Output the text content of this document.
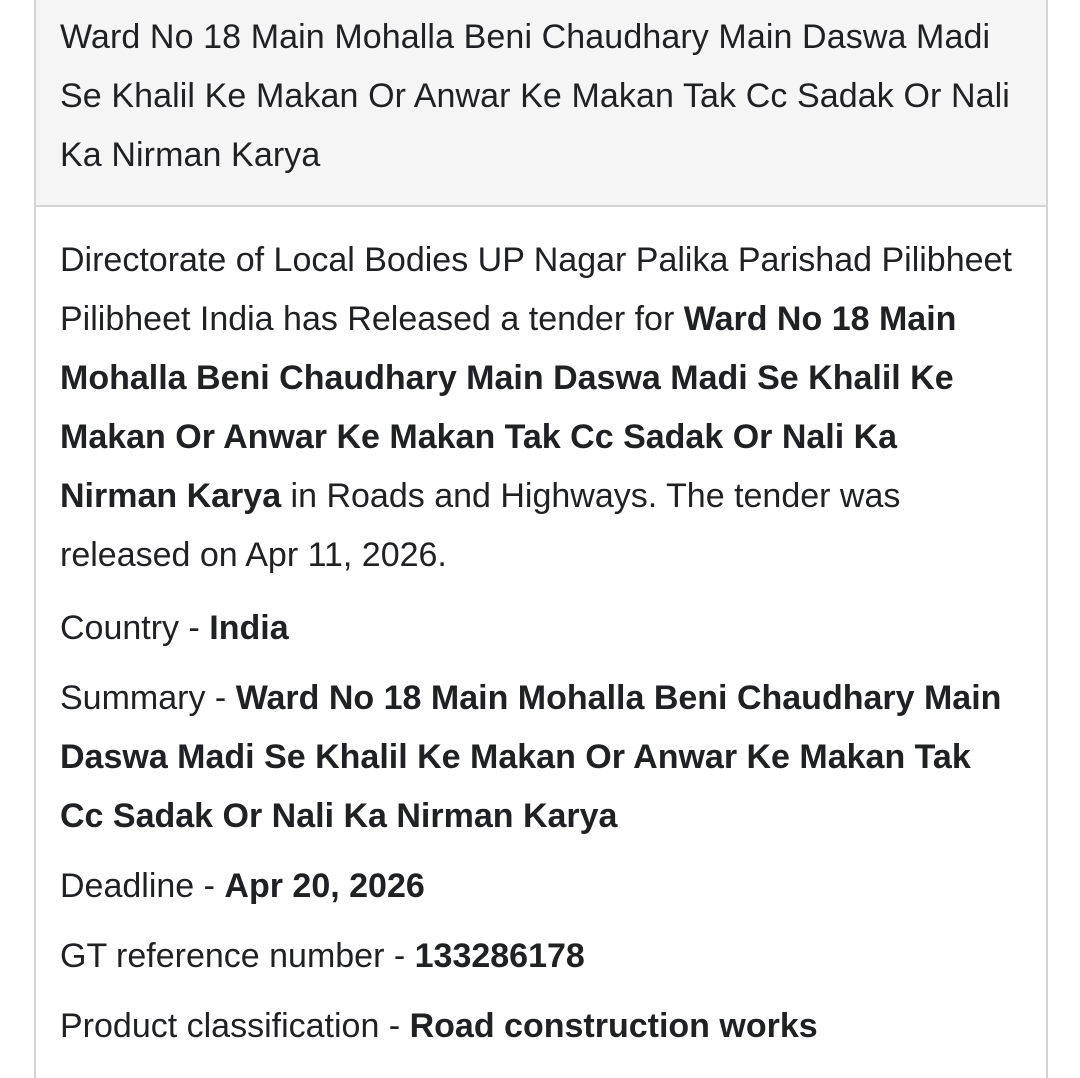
Ward No 18 Main Mohalla Beni Chaudhary Main Daswa Madi Se Khalil Ke Makan Or Anwar Ke Makan Tak Cc Sadak Or Nali Ka Nirman Karya

Directorate of Local Bodies UP Nagar Palika Parishad Pilibheet Pilibheet India has Released a tender for Ward No 18 Main Mohalla Beni Chaudhary Main Daswa Madi Se Khalil Ke Makan Or Anwar Ke Makan Tak Cc Sadak Or Nali Ka Nirman Karya in Roads and Highways. The tender was released on Apr 11, 2026.

Country - India

Summary - Ward No 18 Main Mohalla Beni Chaudhary Main Daswa Madi Se Khalil Ke Makan Or Anwar Ke Makan Tak Cc Sadak Or Nali Ka Nirman Karya

Deadline - Apr 20, 2026

GT reference number - 133286178

Product classification - Road construction works
